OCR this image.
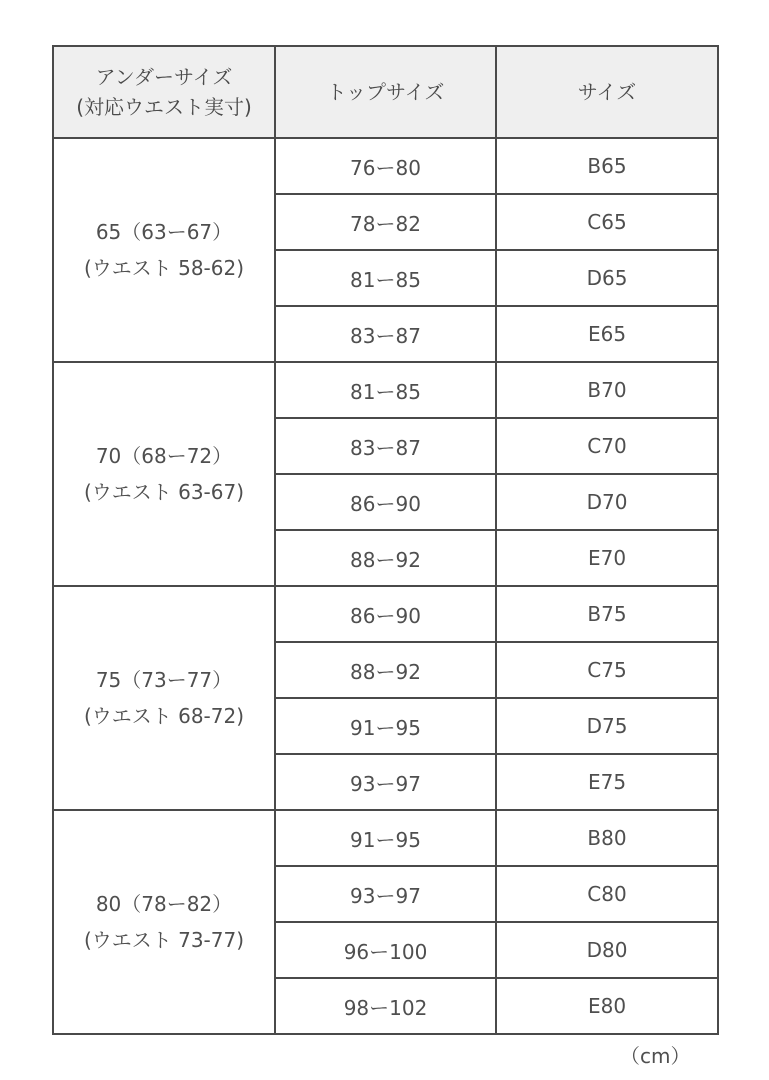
アンダーサイズ
(対応ウエスト実寸)	トップサイズ	サイズ

65（63ー67）
(ウエスト 58-62)	76ー80	B65
	78ー82	C65
	81ー85	D65
	83ー87	E65

70（68ー72）
(ウエスト 63-67)	81ー85	B70
	83ー87	C70
	86ー90	D70
	88ー92	E70

75（73ー77）
(ウエスト 68-72)	86ー90	B75
	88ー92	C75
	91ー95	D75
	93ー97	E75

80（78ー82）
(ウエスト 73-77)	91ー95	B80
	93ー97	C80
	96ー100	D80
	98ー102	E80
（cm）
